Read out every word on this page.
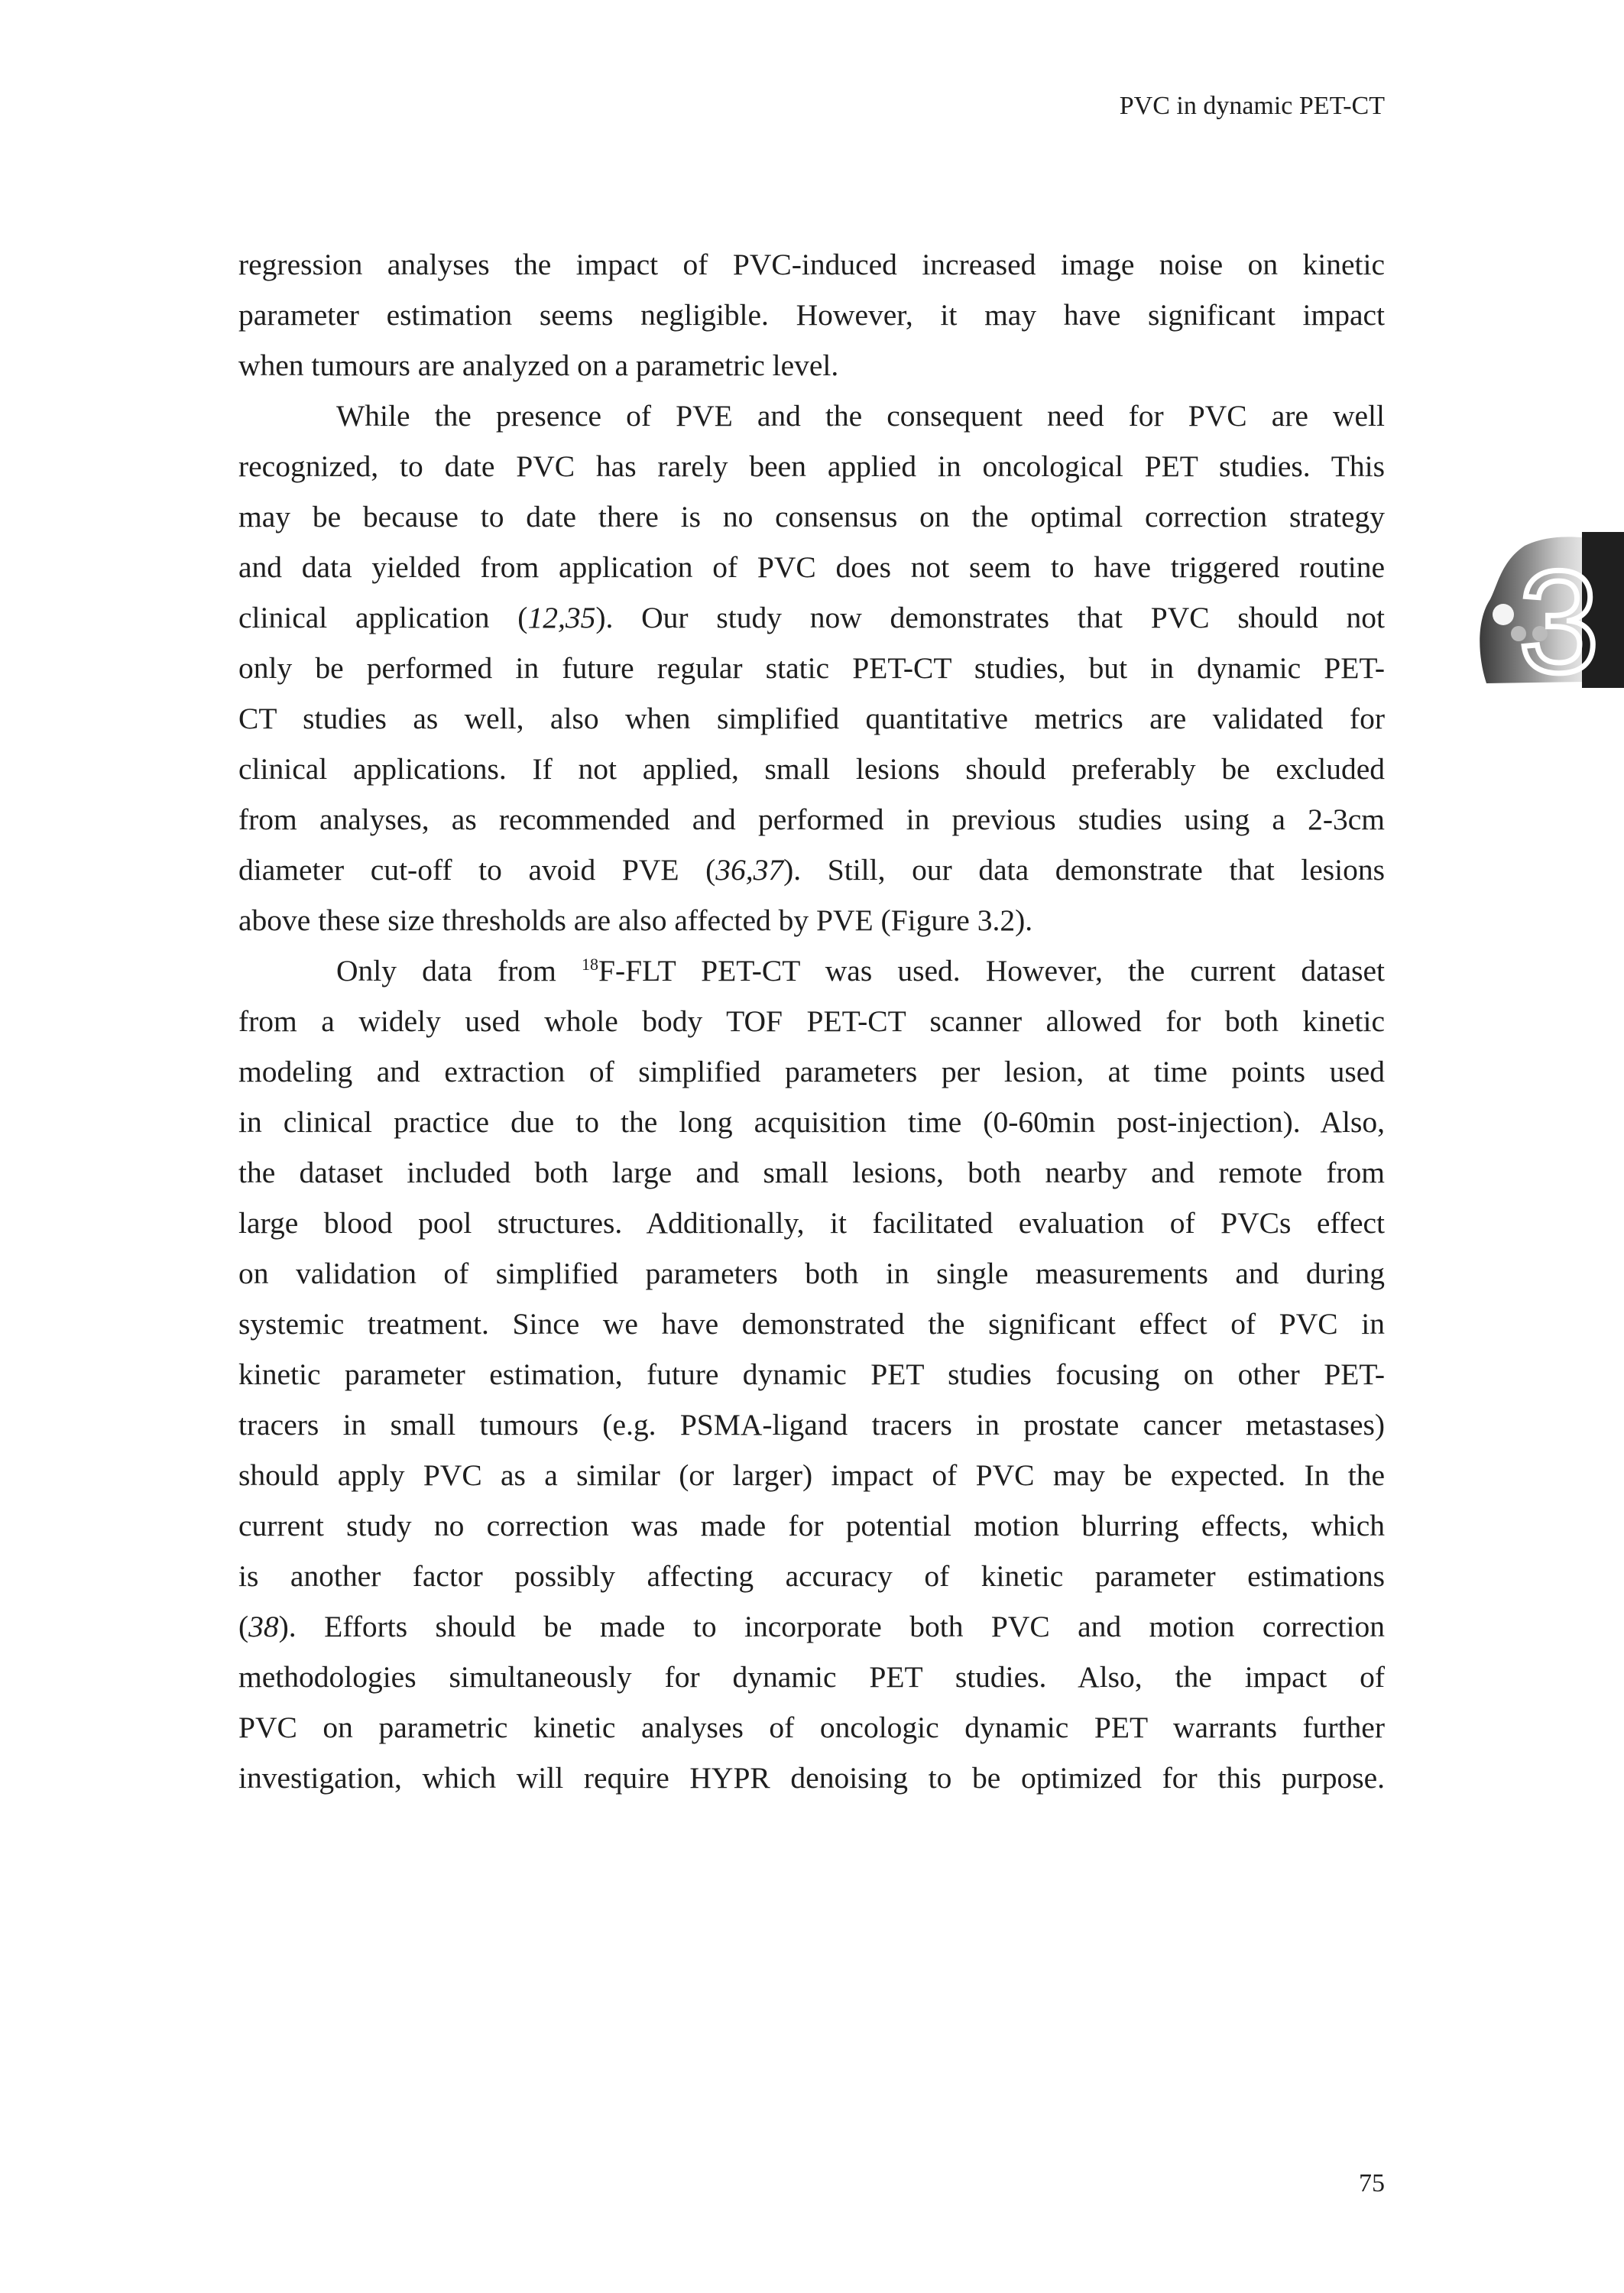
PVC in dynamic PET-CT
3
regression analyses the impact of PVC-induced increased image noise on kinetic
parameter estimation seems negligible. However, it may have significant impact
when tumours are analyzed on a parametric level.
While the presence of PVE and the consequent need for PVC are well
recognized, to date PVC has rarely been applied in oncological PET studies. This
may be because to date there is no consensus on the optimal correction strategy
and data yielded from application of PVC does not seem to have triggered routine
clinical application (12,35). Our study now demonstrates that PVC should not
only be performed in future regular static PET-CT studies, but in dynamic PET-
CT studies as well, also when simplified quantitative metrics are validated for
clinical applications. If not applied, small lesions should preferably be excluded
from analyses, as recommended and performed in previous studies using a 2-3cm
diameter cut-off to avoid PVE (36,37). Still, our data demonstrate that lesions
above these size thresholds are also affected by PVE (Figure 3.2).
Only data from $^{18}$F-FLT PET-CT was used. However, the current dataset
from a widely used whole body TOF PET-CT scanner allowed for both kinetic
modeling and extraction of simplified parameters per lesion, at time points used
in clinical practice due to the long acquisition time (0-60min post-injection). Also,
the dataset included both large and small lesions, both nearby and remote from
large blood pool structures. Additionally, it facilitated evaluation of PVCs effect
on validation of simplified parameters both in single measurements and during
systemic treatment. Since we have demonstrated the significant effect of PVC in
kinetic parameter estimation, future dynamic PET studies focusing on other PET-
tracers in small tumours (e.g. PSMA-ligand tracers in prostate cancer metastases)
should apply PVC as a similar (or larger) impact of PVC may be expected. In the
current study no correction was made for potential motion blurring effects, which
is another factor possibly affecting accuracy of kinetic parameter estimations
(38). Efforts should be made to incorporate both PVC and motion correction
methodologies simultaneously for dynamic PET studies. Also, the impact of
PVC on parametric kinetic analyses of oncologic dynamic PET warrants further
investigation, which will require HYPR denoising to be optimized for this purpose.
75
